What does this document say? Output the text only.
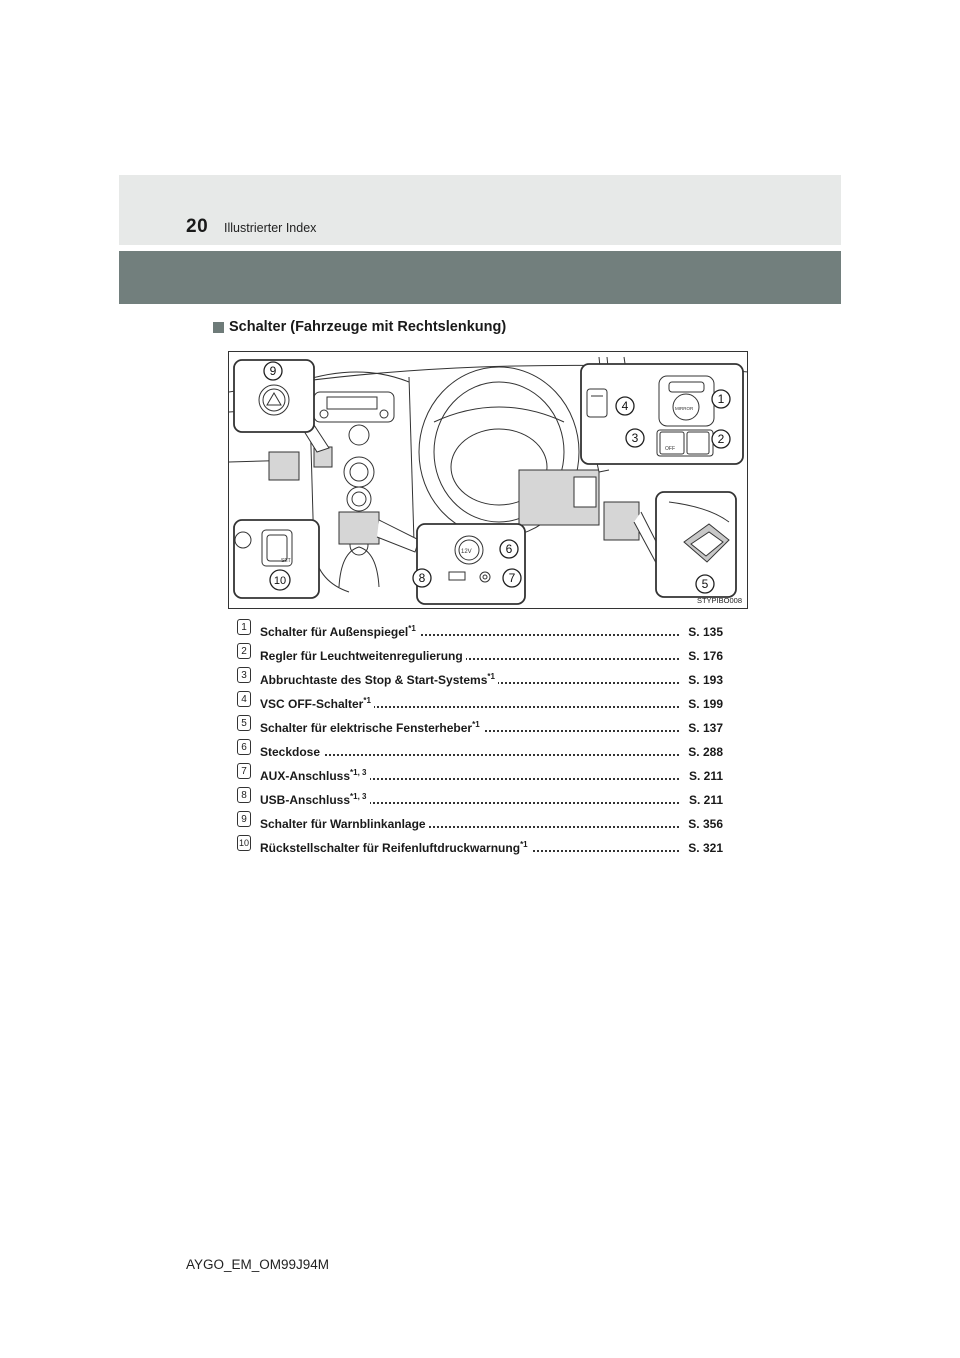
20 Illustrierter Index
Schalter (Fahrzeuge mit Rechtslenkung)
SET
12V
MIRROR
OFF
9
1
2
3
4
5
6
7
8
10
STYPIBO008
1	Schalter für Außenspiegel$^{*1}$	S. 135
2	Regler für Leuchtweitenregulierung	S. 176
3	Abbruchtaste des Stop & Start-Systems$^{*1}$	S. 193
4	VSC OFF-Schalter$^{*1}$	S. 199
5	Schalter für elektrische Fensterheber$^{*1}$	S. 137
6	Steckdose	S. 288
7	AUX-Anschluss$^{*1, 3}$	S. 211
8	USB-Anschluss$^{*1, 3}$	S. 211
9	Schalter für Warnblinkanlage	S. 356
10 Rückstellschalter für Reifenluftdruckwarnung$^{*1}$	S. 321
AYGO_EM_OM99J94M
